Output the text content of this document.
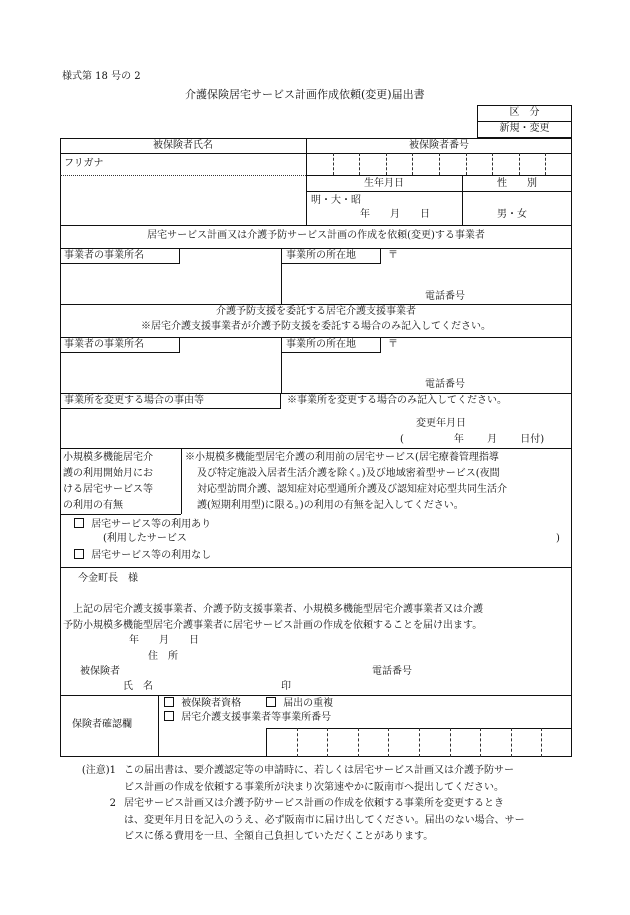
様式第 18 号の 2
介護保険居宅サービス計画作成依頼(変更)届出書
区　分
新規・変更
被保険者氏名	被保険者番号
フリガナ
生年月日	性　　別
明・大・昭
年　　月　　日	男・女
居宅サービス計画又は介護予防サービス計画の作成を依頼(変更)する事業者
事業者の事業所名	事業所の所在地	〒
電話番号
介護予防支援を委託する居宅介護支援事業者
※居宅介護支援事業者が介護予防支援を委託する場合のみ記入してください。
事業者の事業所名	事業所の所在地	〒
電話番号
事業所を変更する場合の事由等	※事業所を変更する場合のみ記入してください。
変更年月日
(　　　　　年　　 月　　 日付)
小規模多機能居宅介
護の利用開始月にお
ける居宅サービス等
の利用の有無
※小規模多機能型居宅介護の利用前の居宅サービス(居宅療養管理指導
及び特定施設入居者生活介護を除く。)及び地域密着型サービス(夜間
対応型訪問介護、認知症対応型通所介護及び認知症対応型共同生活介
護(短期利用型)に限る。)の利用の有無を記入してください。
居宅サービス等の利用あり
(利用したサービス	)
居宅サービス等の利用なし
今金町長　様
上記の居宅介護支援事業者、介護予防支援事業者、小規模多機能型居宅介護事業者又は介護
予防小規模多機能型居宅介護事業者に居宅サービス計画の作成を依頼することを届け出ます。
年　　月　　日
住　所
被保険者	電話番号
氏　名	印
保険者確認欄
被保険者資格	届出の重複
居宅介護支援事業者等事業所番号
(注意)1 この届出書は、要介護認定等の申請時に、若しくは居宅サービス計画又は介護予防サー
ビス計画の作成を依頼する事業所が決まり次第速やかに阪南市へ提出してください。
2 居宅サービス計画又は介護予防サービス計画の作成を依頼する事業所を変更するとき
は、変更年月日を記入のうえ、必ず阪南市に届け出してください。届出のない場合、サー
ビスに係る費用を一旦、全額自己負担していただくことがあります。
